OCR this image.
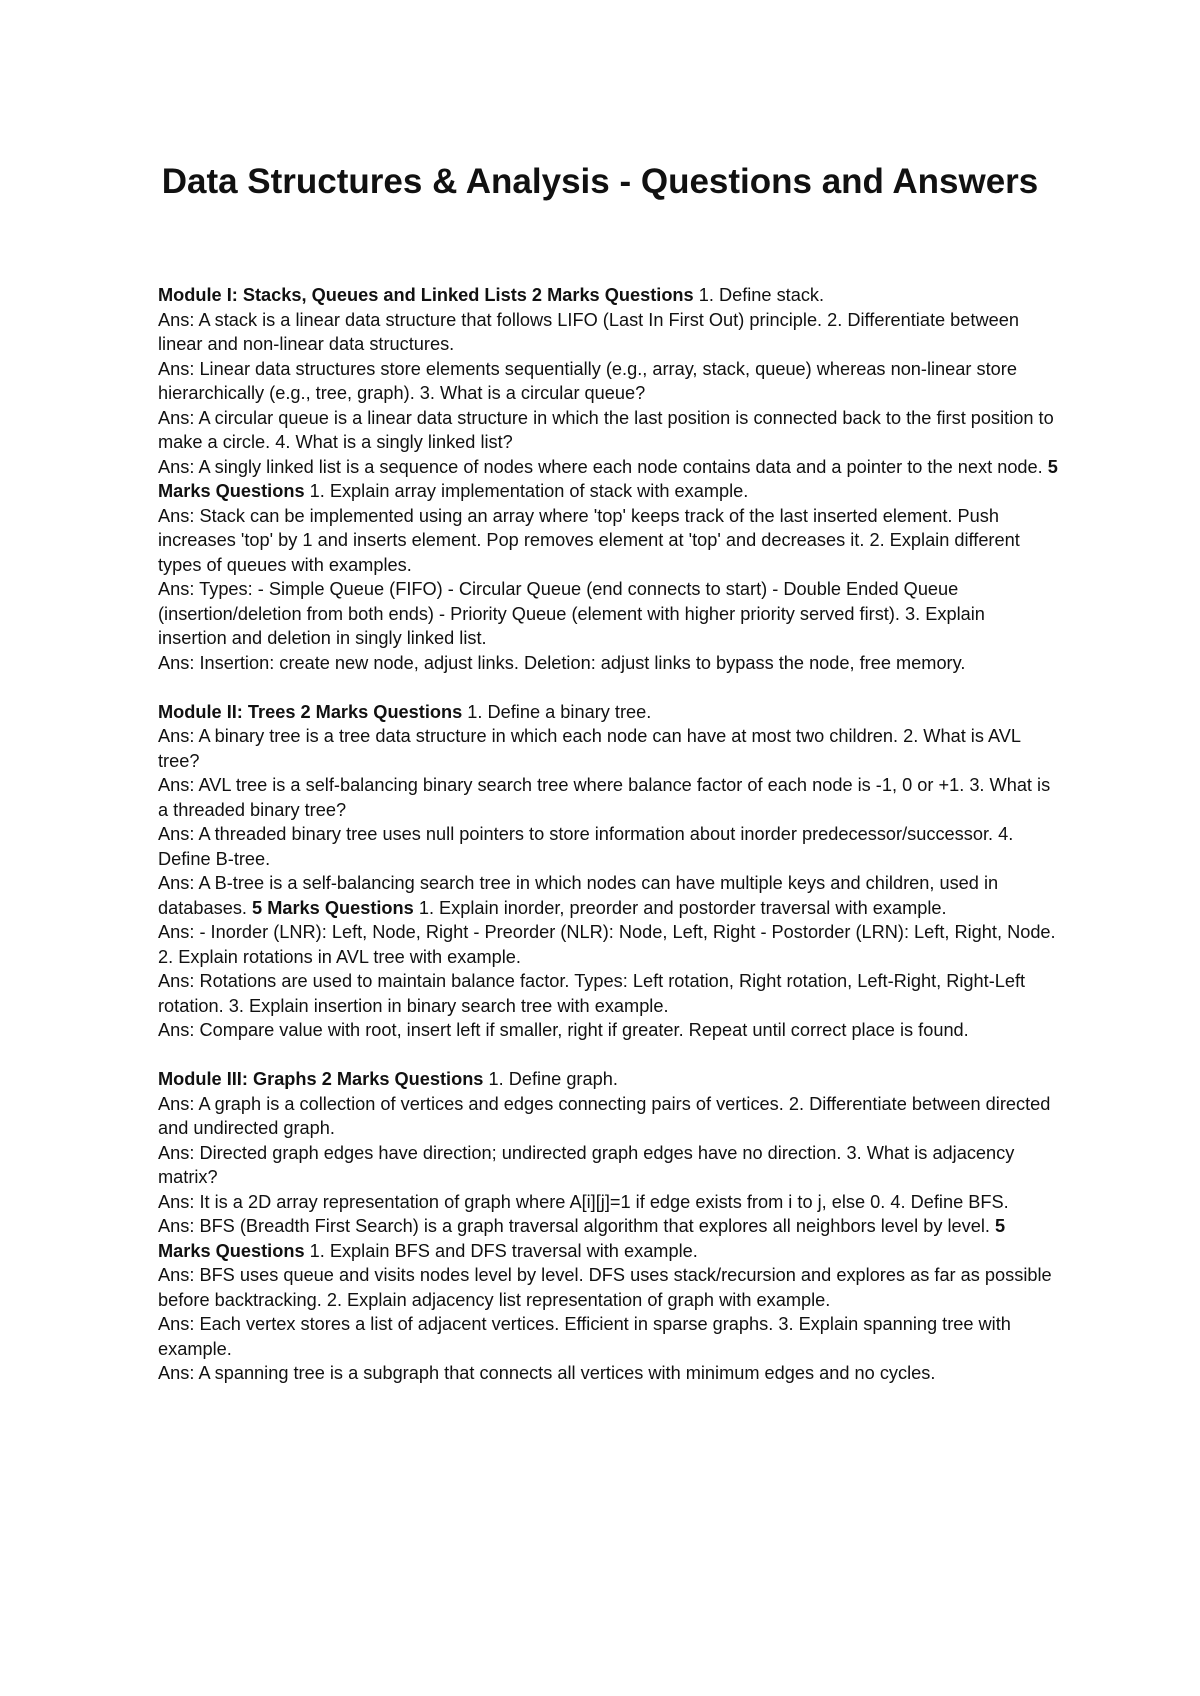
Data Structures & Analysis - Questions and Answers

Module I: Stacks, Queues and Linked Lists 2 Marks Questions 1. Define stack.

Ans: A stack is a linear data structure that follows LIFO (Last In First Out) principle. 2. Differentiate between linear and non-linear data structures.

Ans: Linear data structures store elements sequentially (e.g., array, stack, queue) whereas non-linear store hierarchically (e.g., tree, graph). 3. What is a circular queue?

Ans: A circular queue is a linear data structure in which the last position is connected back to the first position to make a circle. 4. What is a singly linked list?

Ans: A singly linked list is a sequence of nodes where each node contains data and a pointer to the next node. 5 Marks Questions 1. Explain array implementation of stack with example.

Ans: Stack can be implemented using an array where 'top' keeps track of the last inserted element. Push increases 'top' by 1 and inserts element. Pop removes element at 'top' and decreases it. 2. Explain different types of queues with examples.

Ans: Types: - Simple Queue (FIFO) - Circular Queue (end connects to start) - Double Ended Queue (insertion/deletion from both ends) - Priority Queue (element with higher priority served first). 3. Explain insertion and deletion in singly linked list.

Ans: Insertion: create new node, adjust links. Deletion: adjust links to bypass the node, free memory.

Module II: Trees 2 Marks Questions 1. Define a binary tree.

Ans: A binary tree is a tree data structure in which each node can have at most two children. 2. What is AVL tree?

Ans: AVL tree is a self-balancing binary search tree where balance factor of each node is -1, 0 or +1. 3. What is a threaded binary tree?

Ans: A threaded binary tree uses null pointers to store information about inorder predecessor/successor. 4. Define B-tree.

Ans: A B-tree is a self-balancing search tree in which nodes can have multiple keys and children, used in databases. 5 Marks Questions 1. Explain inorder, preorder and postorder traversal with example.

Ans: - Inorder (LNR): Left, Node, Right - Preorder (NLR): Node, Left, Right - Postorder (LRN): Left, Right, Node. 2. Explain rotations in AVL tree with example.

Ans: Rotations are used to maintain balance factor. Types: Left rotation, Right rotation, Left-Right, Right-Left rotation. 3. Explain insertion in binary search tree with example.

Ans: Compare value with root, insert left if smaller, right if greater. Repeat until correct place is found.

Module III: Graphs 2 Marks Questions 1. Define graph.

Ans: A graph is a collection of vertices and edges connecting pairs of vertices. 2. Differentiate between directed and undirected graph.

Ans: Directed graph edges have direction; undirected graph edges have no direction. 3. What is adjacency matrix?

Ans: It is a 2D array representation of graph where A[i][j]=1 if edge exists from i to j, else 0. 4. Define BFS.

Ans: BFS (Breadth First Search) is a graph traversal algorithm that explores all neighbors level by level. 5 Marks Questions 1. Explain BFS and DFS traversal with example.

Ans: BFS uses queue and visits nodes level by level. DFS uses stack/recursion and explores as far as possible before backtracking. 2. Explain adjacency list representation of graph with example.

Ans: Each vertex stores a list of adjacent vertices. Efficient in sparse graphs. 3. Explain spanning tree with example.

Ans: A spanning tree is a subgraph that connects all vertices with minimum edges and no cycles.
